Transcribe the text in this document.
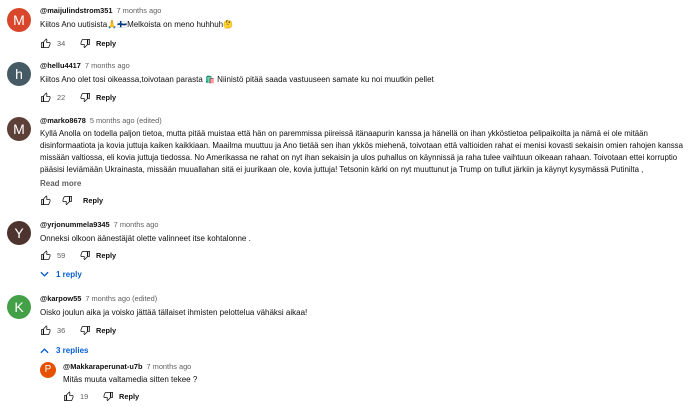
M
@maijulindstrom351 7 months ago
Kiitos Ano uutisista🙏🇫🇮Melkoista on meno huhhuh🤔
34	Reply
h
@hellu4417 7 months ago
Kiitos Ano olet tosi oikeassa,toivotaan parasta 🛍️ Niinistö pitää saada vastuuseen samate ku noi muutkin pellet
22	Reply
M
@marko8678 5 months ago (edited)
Kyllä Anolla on todella paljon tietoa, mutta pitää muistaa että hän on paremmissa piireissä itänaapurin kanssa ja hänellä on ihan ykköstietoa pelipaikoilta ja nämä ei ole mitään disinformaatiota ja kovia juttuja kaiken kaikkiaan. Maailma muuttuu ja Ano tietää sen ihan ykkös miehenä, toivotaan että valtioiden rahat ei menisi kovasti sekaisin omien rahojen kanssa missään valtiossa, eli kovia juttuja tiedossa. No Amerikassa ne rahat on nyt ihan sekaisin ja ulos puhallus on käynnissä ja raha tulee vaihtuun oikeaan rahaan. Toivotaan ettei korruptio pääsisi leviämään Ukrainasta, missään muuallahan sitä ei juurikaan ole, kovia juttuja! Tetsonin kärki on nyt muuttunut ja Trump on tullut järkiin ja käynyt kysymässä Putinilta ,
Read more
Reply
Y
@yrjonummela9345 7 months ago
Onneksi olkoon äänestäjät olette valinneet itse kohtalonne .
59	Reply
1 reply
K
@karpow55 7 months ago (edited)
Oisko joulun aika ja voisko jättää tällaiset ihmisten pelottelua vähäksi aikaa!
36	Reply
3 replies
P	@Makkaraperunat-u7b 7 months ago
Mitäs muuta valtamedia sitten tekee ?
19	Reply
